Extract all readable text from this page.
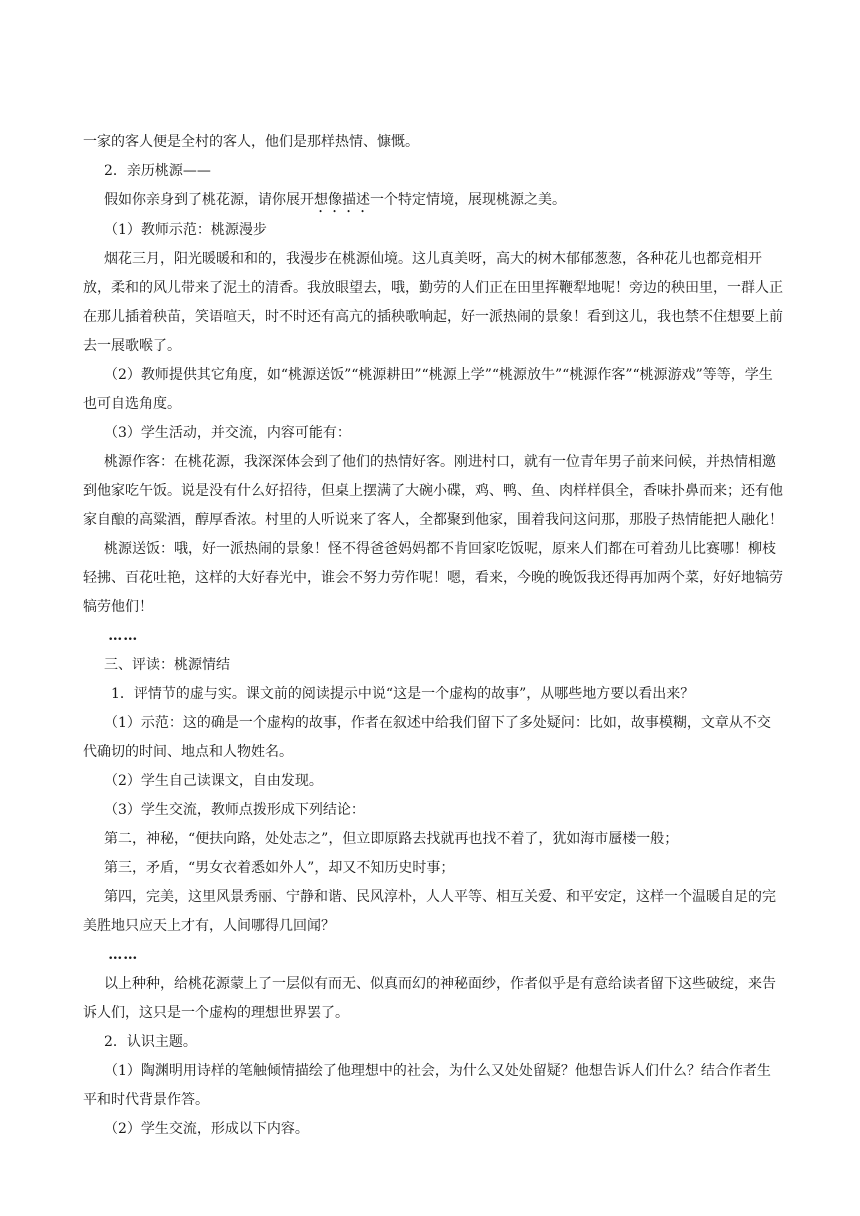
一家的客人便是全村的客人，他们是那样热情、慷慨。

2．亲历桃源——

假如你亲身到了桃花源，请你展开想像描述一个特定情境，展现桃源之美。

（1）教师示范：桃源漫步

烟花三月，阳光暖暖和和的，我漫步在桃源仙境。这儿真美呀，高大的树木郁郁葱葱，各种花儿也都竞相开放，柔和的风儿带来了泥土的清香。我放眼望去，哦，勤劳的人们正在田里挥鞭犁地呢！旁边的秧田里，一群人正在那儿插着秧苗，笑语喧天，时不时还有高亢的插秧歌响起，好一派热闹的景象！看到这儿，我也禁不住想要上前去一展歌喉了。

（2）教师提供其它角度，如“桃源送饭”“桃源耕田”“桃源上学”“桃源放牛”“桃源作客”“桃源游戏”等等，学生也可自选角度。

（3）学生活动，并交流，内容可能有：

桃源作客：在桃花源，我深深体会到了他们的热情好客。刚进村口，就有一位青年男子前来问候，并热情相邀到他家吃午饭。说是没有什么好招待，但桌上摆满了大碗小碟，鸡、鸭、鱼、肉样样俱全，香味扑鼻而来；还有他家自酿的高粱酒，醇厚香浓。村里的人听说来了客人，全都聚到他家，围着我问这问那，那股子热情能把人融化！

桃源送饭：哦，好一派热闹的景象！怪不得爸爸妈妈都不肯回家吃饭呢，原来人们都在可着劲儿比赛哪！柳枝轻拂、百花吐艳，这样的大好春光中，谁会不努力劳作呢！嗯，看来，今晚的晚饭我还得再加两个菜，好好地犒劳犒劳他们！

……

三、评读：桃源情结

1．评情节的虚与实。课文前的阅读提示中说“这是一个虚构的故事”，从哪些地方要以看出来？

（1）示范：这的确是一个虚构的故事，作者在叙述中给我们留下了多处疑问：比如，故事模糊，文章从不交代确切的时间、地点和人物姓名。

（2）学生自己读课文，自由发现。

（3）学生交流，教师点拨形成下列结论：

第二，神秘，“便扶向路，处处志之”，但立即原路去找就再也找不着了，犹如海市蜃楼一般；

第三，矛盾，“男女衣着悉如外人”，却又不知历史时事；

第四，完美，这里风景秀丽、宁静和谐、民风淳朴，人人平等、相互关爱、和平安定，这样一个温暖自足的完美胜地只应天上才有，人间哪得几回闻？

……

以上种种，给桃花源蒙上了一层似有而无、似真而幻的神秘面纱，作者似乎是有意给读者留下这些破绽，来告诉人们，这只是一个虚构的理想世界罢了。

2．认识主题。

（1）陶渊明用诗样的笔触倾情描绘了他理想中的社会，为什么又处处留疑？他想告诉人们什么？结合作者生平和时代背景作答。

（2）学生交流，形成以下内容。
